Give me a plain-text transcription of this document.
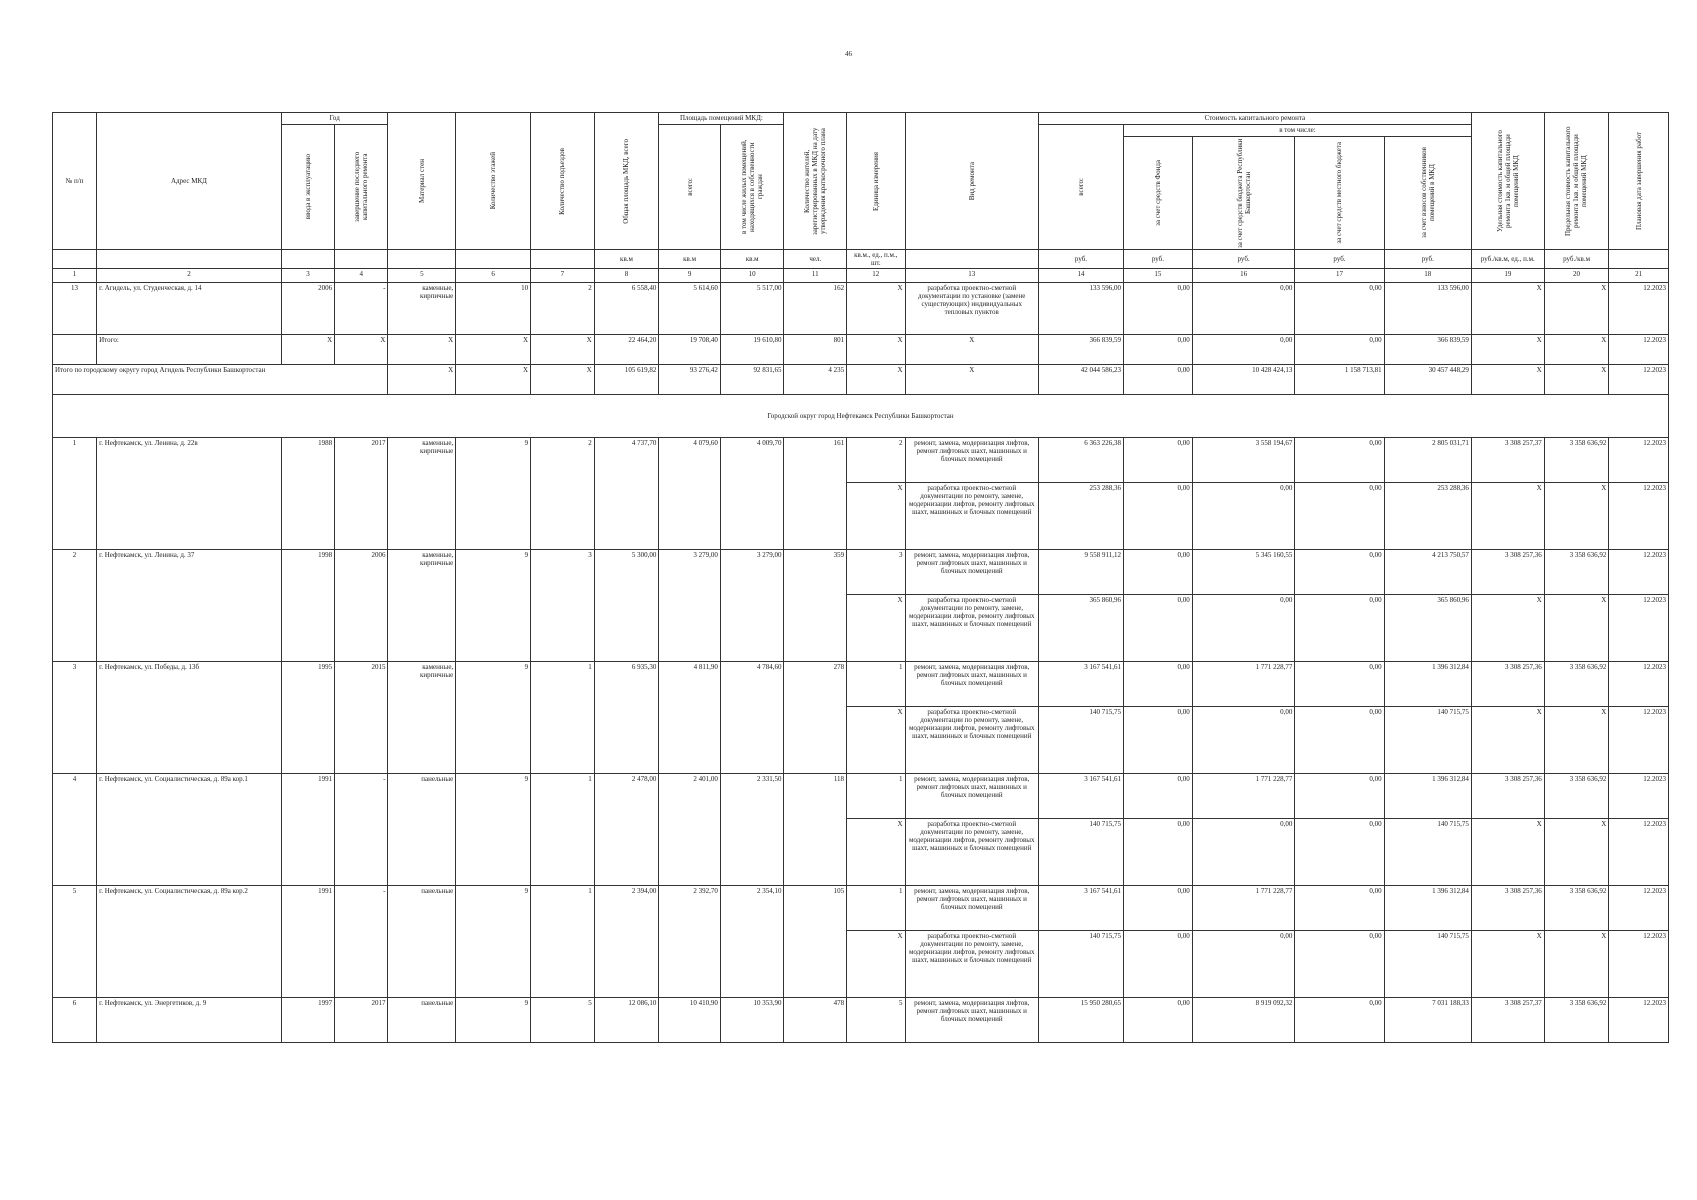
46
№ п/п	Адрес МКД	Год		Материал стен	Количество этажей	Количество подъездов	Общая площадь МКД, всего	Площадь помещений МКД:		Количество жителей, зарегистрированных в МКД на дату утверждения краткосрочного плана	Единица измерения	Вид ремонта	Стоимость капитального ремонта					Удельная стоимость капитального ремонта 1кв. м общей площади помещений МКД	Предельная стоимость капитального ремонта 1кв. м общей площади помещений МКД	Плановая дата завершения работ

		ввода в эксплуатацию	завершение последнего капитального ремонта					всего:	в том числе жилых помещений, находящихся в собственности граждан				всего:	в том числе:						

														за счет средств Фонда	за счет средств бюджета Республики Башкортостан	за счет средств местного бюджета	за счет взносов собственников помещений в МКД			

							кв.м	кв.м	кв.м	чел.	кв.м., ед., п.м., шт.		руб.	руб.	руб.	руб.	руб.	руб./кв.м, ед., п.м.	руб./кв.м	
1	2	3	4	5	6	7	8	9	10	11	12	13	14	15	16	17	18	19	20	21
13	г. Агидель, ул. Студенческая, д. 14	2006	-	каменные, кирпичные	10	2	6 558,40	5 614,60	5 517,00	162	X	разработка проектно-сметной документации по установке (замене существующих) индивидуальных тепловых пунктов	133 596,00	0,00	0,00	0,00	133 596,00	X	X	12.2023
	Итого:	X	X	X	X	X	22 464,20	19 708,40	19 610,80	801	X	X	366 839,59	0,00	0,00	0,00	366 839,59	X	X	12.2023
Итого по городскому округу город Агидель Республики Башкортостан				X	X	X	105 619,82	93 276,42	92 831,65	4 235	X	X	42 044 586,23	0,00	10 428 424,13	1 158 713,81	30 457 448,29	X	X	12.2023
Городской округ город Нефтекамск Республики Башкортостан																				
1	г. Нефтекамск, ул. Ленина, д. 22в	1988	2017	каменные, кирпичные	9	2	4 737,70	4 079,60	4 009,70	161	2	ремонт, замена, модернизация лифтов, ремонт лифтовых шахт, машинных и блочных помещений	6 363 226,38	0,00	3 558 194,67	0,00	2 805 031,71	3 308 257,37	3 358 636,92	12.2023
											X	разработка проектно-сметной документации по ремонту, замене, модернизации лифтов, ремонту лифтовых шахт, машинных и блочных помещений	253 288,36	0,00	0,00	0,00	253 288,36	X	X	12.2023
2	г. Нефтекамск, ул. Ленина, д. 37	1998	2006	каменные, кирпичные	9	3	5 300,00	3 279,00	3 279,00	359	3	ремонт, замена, модернизация лифтов, ремонт лифтовых шахт, машинных и блочных помещений	9 558 911,12	0,00	5 345 160,55	0,00	4 213 750,57	3 308 257,36	3 358 636,92	12.2023
											X	разработка проектно-сметной документации по ремонту, замене, модернизации лифтов, ремонту лифтовых шахт, машинных и блочных помещений	365 860,96	0,00	0,00	0,00	365 860,96	X	X	12.2023
3	г. Нефтекамск, ул. Победы, д. 13б	1995	2015	каменные, кирпичные	9	1	6 935,30	4 811,90	4 784,60	278	1	ремонт, замена, модернизация лифтов, ремонт лифтовых шахт, машинных и блочных помещений	3 167 541,61	0,00	1 771 228,77	0,00	1 396 312,84	3 308 257,36	3 358 636,92	12.2023
											X	разработка проектно-сметной документации по ремонту, замене, модернизации лифтов, ремонту лифтовых шахт, машинных и блочных помещений	140 715,75	0,00	0,00	0,00	140 715,75	X	X	12.2023
4	г. Нефтекамск, ул. Социалистическая, д. 89а кор.1	1991	-	панельные	9	1	2 478,00	2 401,00	2 331,50	118	1	ремонт, замена, модернизация лифтов, ремонт лифтовых шахт, машинных и блочных помещений	3 167 541,61	0,00	1 771 228,77	0,00	1 396 312,84	3 308 257,36	3 358 636,92	12.2023
											X	разработка проектно-сметной документации по ремонту, замене, модернизации лифтов, ремонту лифтовых шахт, машинных и блочных помещений	140 715,75	0,00	0,00	0,00	140 715,75	X	X	12.2023
5	г. Нефтекамск, ул. Социалистическая, д. 89а кор.2	1991	-	панельные	9	1	2 394,00	2 392,70	2 354,10	105	1	ремонт, замена, модернизация лифтов, ремонт лифтовых шахт, машинных и блочных помещений	3 167 541,61	0,00	1 771 228,77	0,00	1 396 312,84	3 308 257,36	3 358 636,92	12.2023
											X	разработка проектно-сметной документации по ремонту, замене, модернизации лифтов, ремонту лифтовых шахт, машинных и блочных помещений	140 715,75	0,00	0,00	0,00	140 715,75	X	X	12.2023
6	г. Нефтекамск, ул. Энергетиков, д. 9	1997	2017	панельные	9	5	12 086,10	10 410,90	10 353,90	478	5	ремонт, замена, модернизация лифтов, ремонт лифтовых шахт, машинных и блочных помещений	15 950 280,65	0,00	8 919 092,32	0,00	7 031 188,33	3 308 257,37	3 358 636,92	12.2023
